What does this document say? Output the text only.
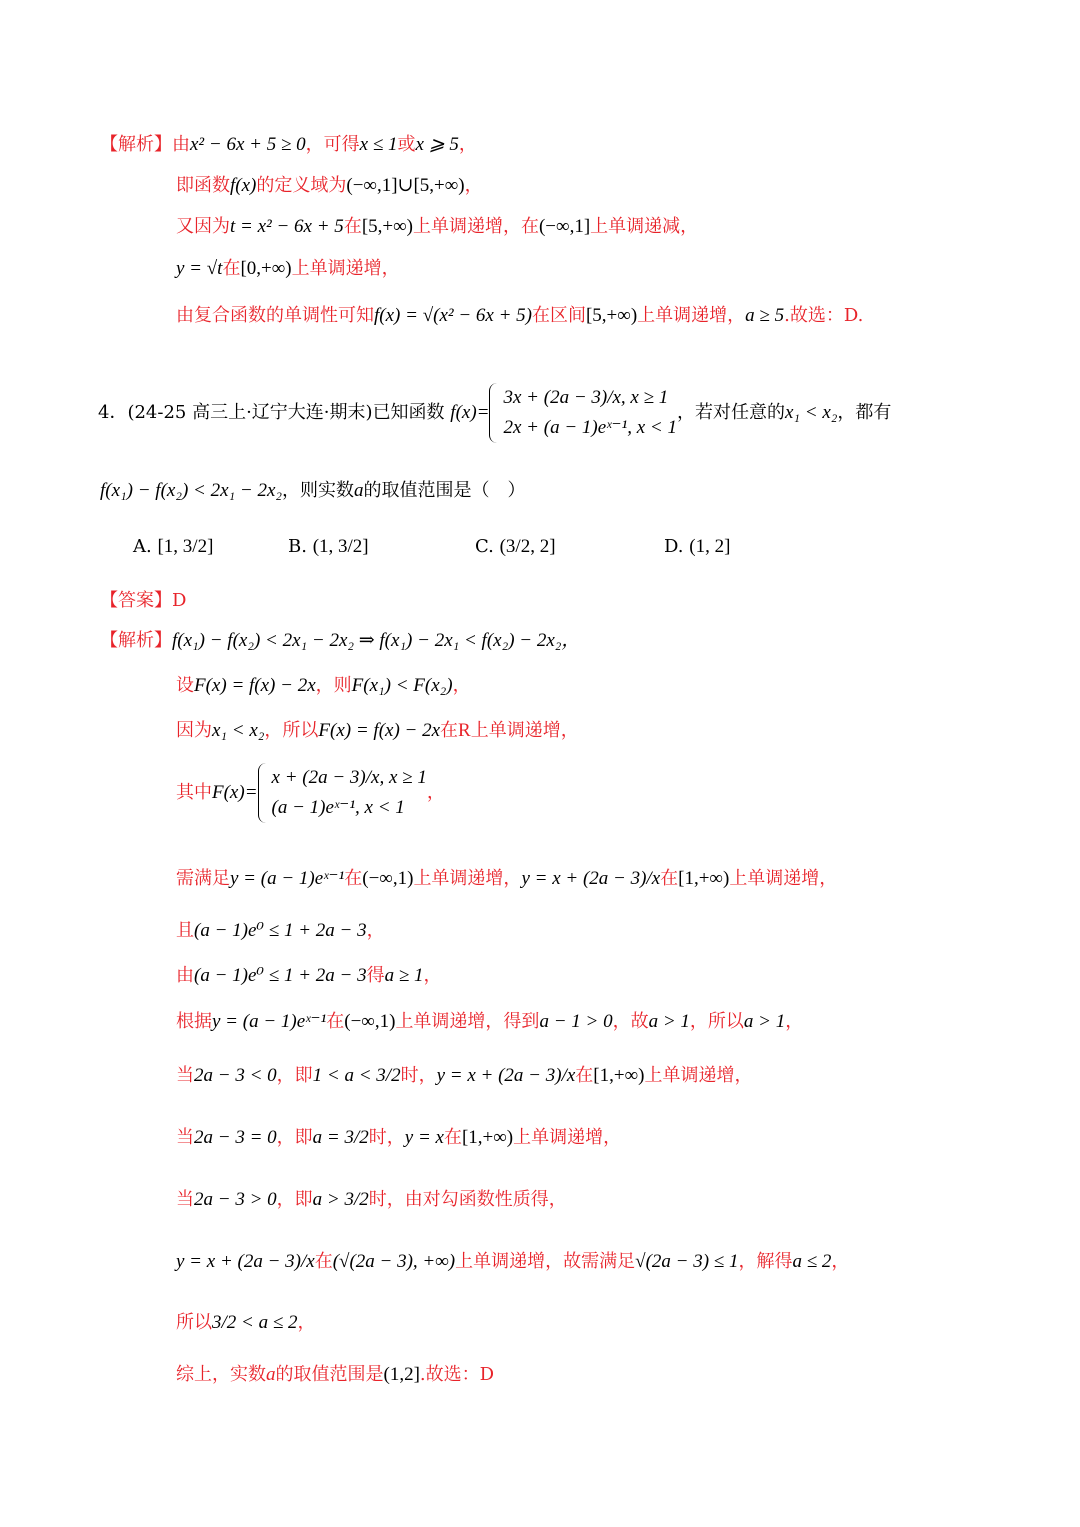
【解析】由x² − 6x + 5 ≥ 0，可得x ≤ 1或x ⩾ 5，
即函数f(x)的定义域为(−∞,1]∪[5,+∞)，
又因为t = x² − 6x + 5在[5,+∞)上单调递增，在(−∞,1]上单调递减，
y = √t在[0,+∞)上单调递增，
由复合函数的单调性可知f(x) = √(x² − 6x + 5)在区间[5,+∞)上单调递增，a ≥ 5.故选：D.
4．(24-25 高三上·辽宁大连·期末)已知函数 f(x)=
3x + (2a − 3)/x, x ≥ 1
2x + (a − 1)eˣ⁻¹, x < 1
，若对任意的x₁ < x₂，都有
f(x₁) − f(x₂) < 2x₁ − 2x₂，则实数a的取值范围是（　）
A. [1, 3/2]	B. (1, 3/2]	C. (3/2, 2]	D. (1, 2]
【答案】D
【解析】f(x₁) − f(x₂) < 2x₁ − 2x₂ ⇒ f(x₁) − 2x₁ < f(x₂) − 2x₂，
设F(x) = f(x) − 2x，则F(x₁) < F(x₂)，
因为x₁ < x₂，所以F(x) = f(x) − 2x在R上单调递增，
其中F(x)=
x + (2a − 3)/x, x ≥ 1
(a − 1)eˣ⁻¹, x < 1
，
需满足y = (a − 1)eˣ⁻¹在(−∞,1)上单调递增，y = x + (2a − 3)/x在[1,+∞)上单调递增，
且(a − 1)e⁰ ≤ 1 + 2a − 3，
由(a − 1)e⁰ ≤ 1 + 2a − 3得a ≥ 1，
根据y = (a − 1)eˣ⁻¹在(−∞,1)上单调递增，得到a − 1 > 0，故a > 1，所以a > 1，
当2a − 3 < 0，即1 < a < 3/2时，y = x + (2a − 3)/x在[1,+∞)上单调递增，
当2a − 3 = 0，即a = 3/2时，y = x在[1,+∞)上单调递增，
当2a − 3 > 0，即a > 3/2时，由对勾函数性质得，
y = x + (2a − 3)/x在(√(2a − 3), +∞)上单调递增，故需满足√(2a − 3) ≤ 1，解得a ≤ 2，
所以3/2 < a ≤ 2，
综上，实数a的取值范围是(1,2].故选：D
